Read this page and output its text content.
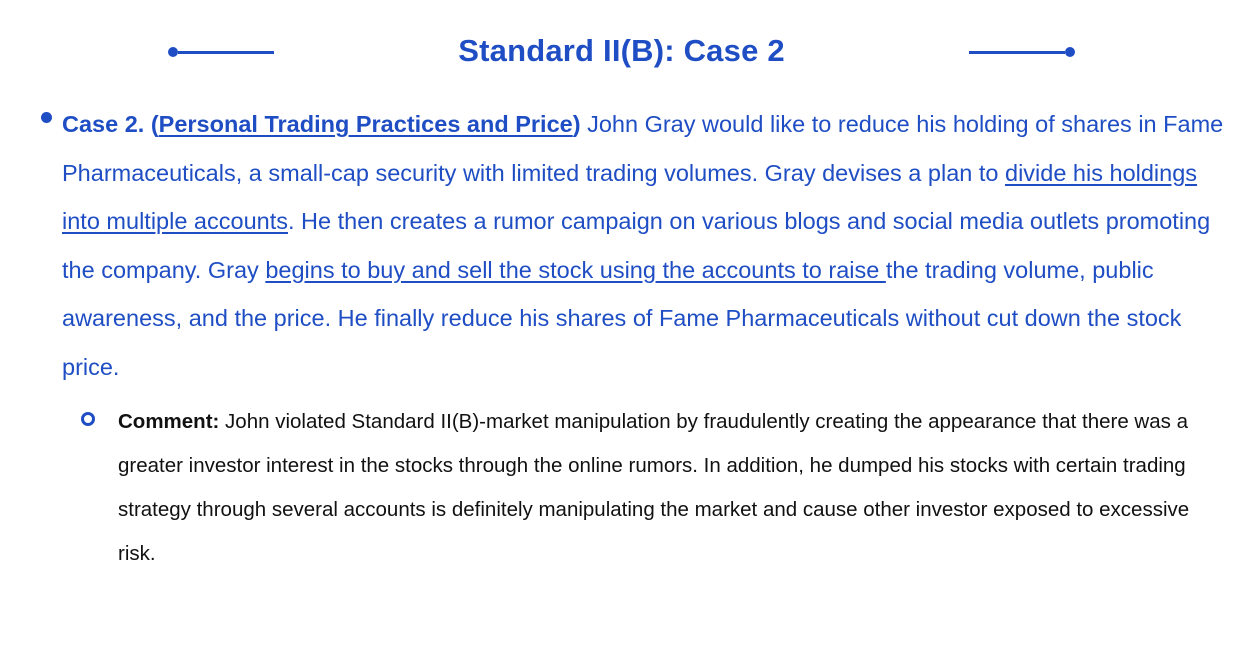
Standard II(B): Case 2
Case 2. (Personal Trading Practices and Price) John Gray would like to reduce his holding of shares in Fame Pharmaceuticals, a small-cap security with limited trading volumes. Gray devises a plan to divide his holdings into multiple accounts. He then creates a rumor campaign on various blogs and social media outlets promoting the company. Gray begins to buy and sell the stock using the accounts to raise the trading volume, public awareness, and the price. He finally reduce his shares of Fame Pharmaceuticals without cut down the stock price.
Comment: John violated Standard II(B)-market manipulation by fraudulently creating the appearance that there was a greater investor interest in the stocks through the online rumors. In addition, he dumped his stocks with certain trading strategy through several accounts is definitely manipulating the market and cause other investor exposed to excessive risk.
